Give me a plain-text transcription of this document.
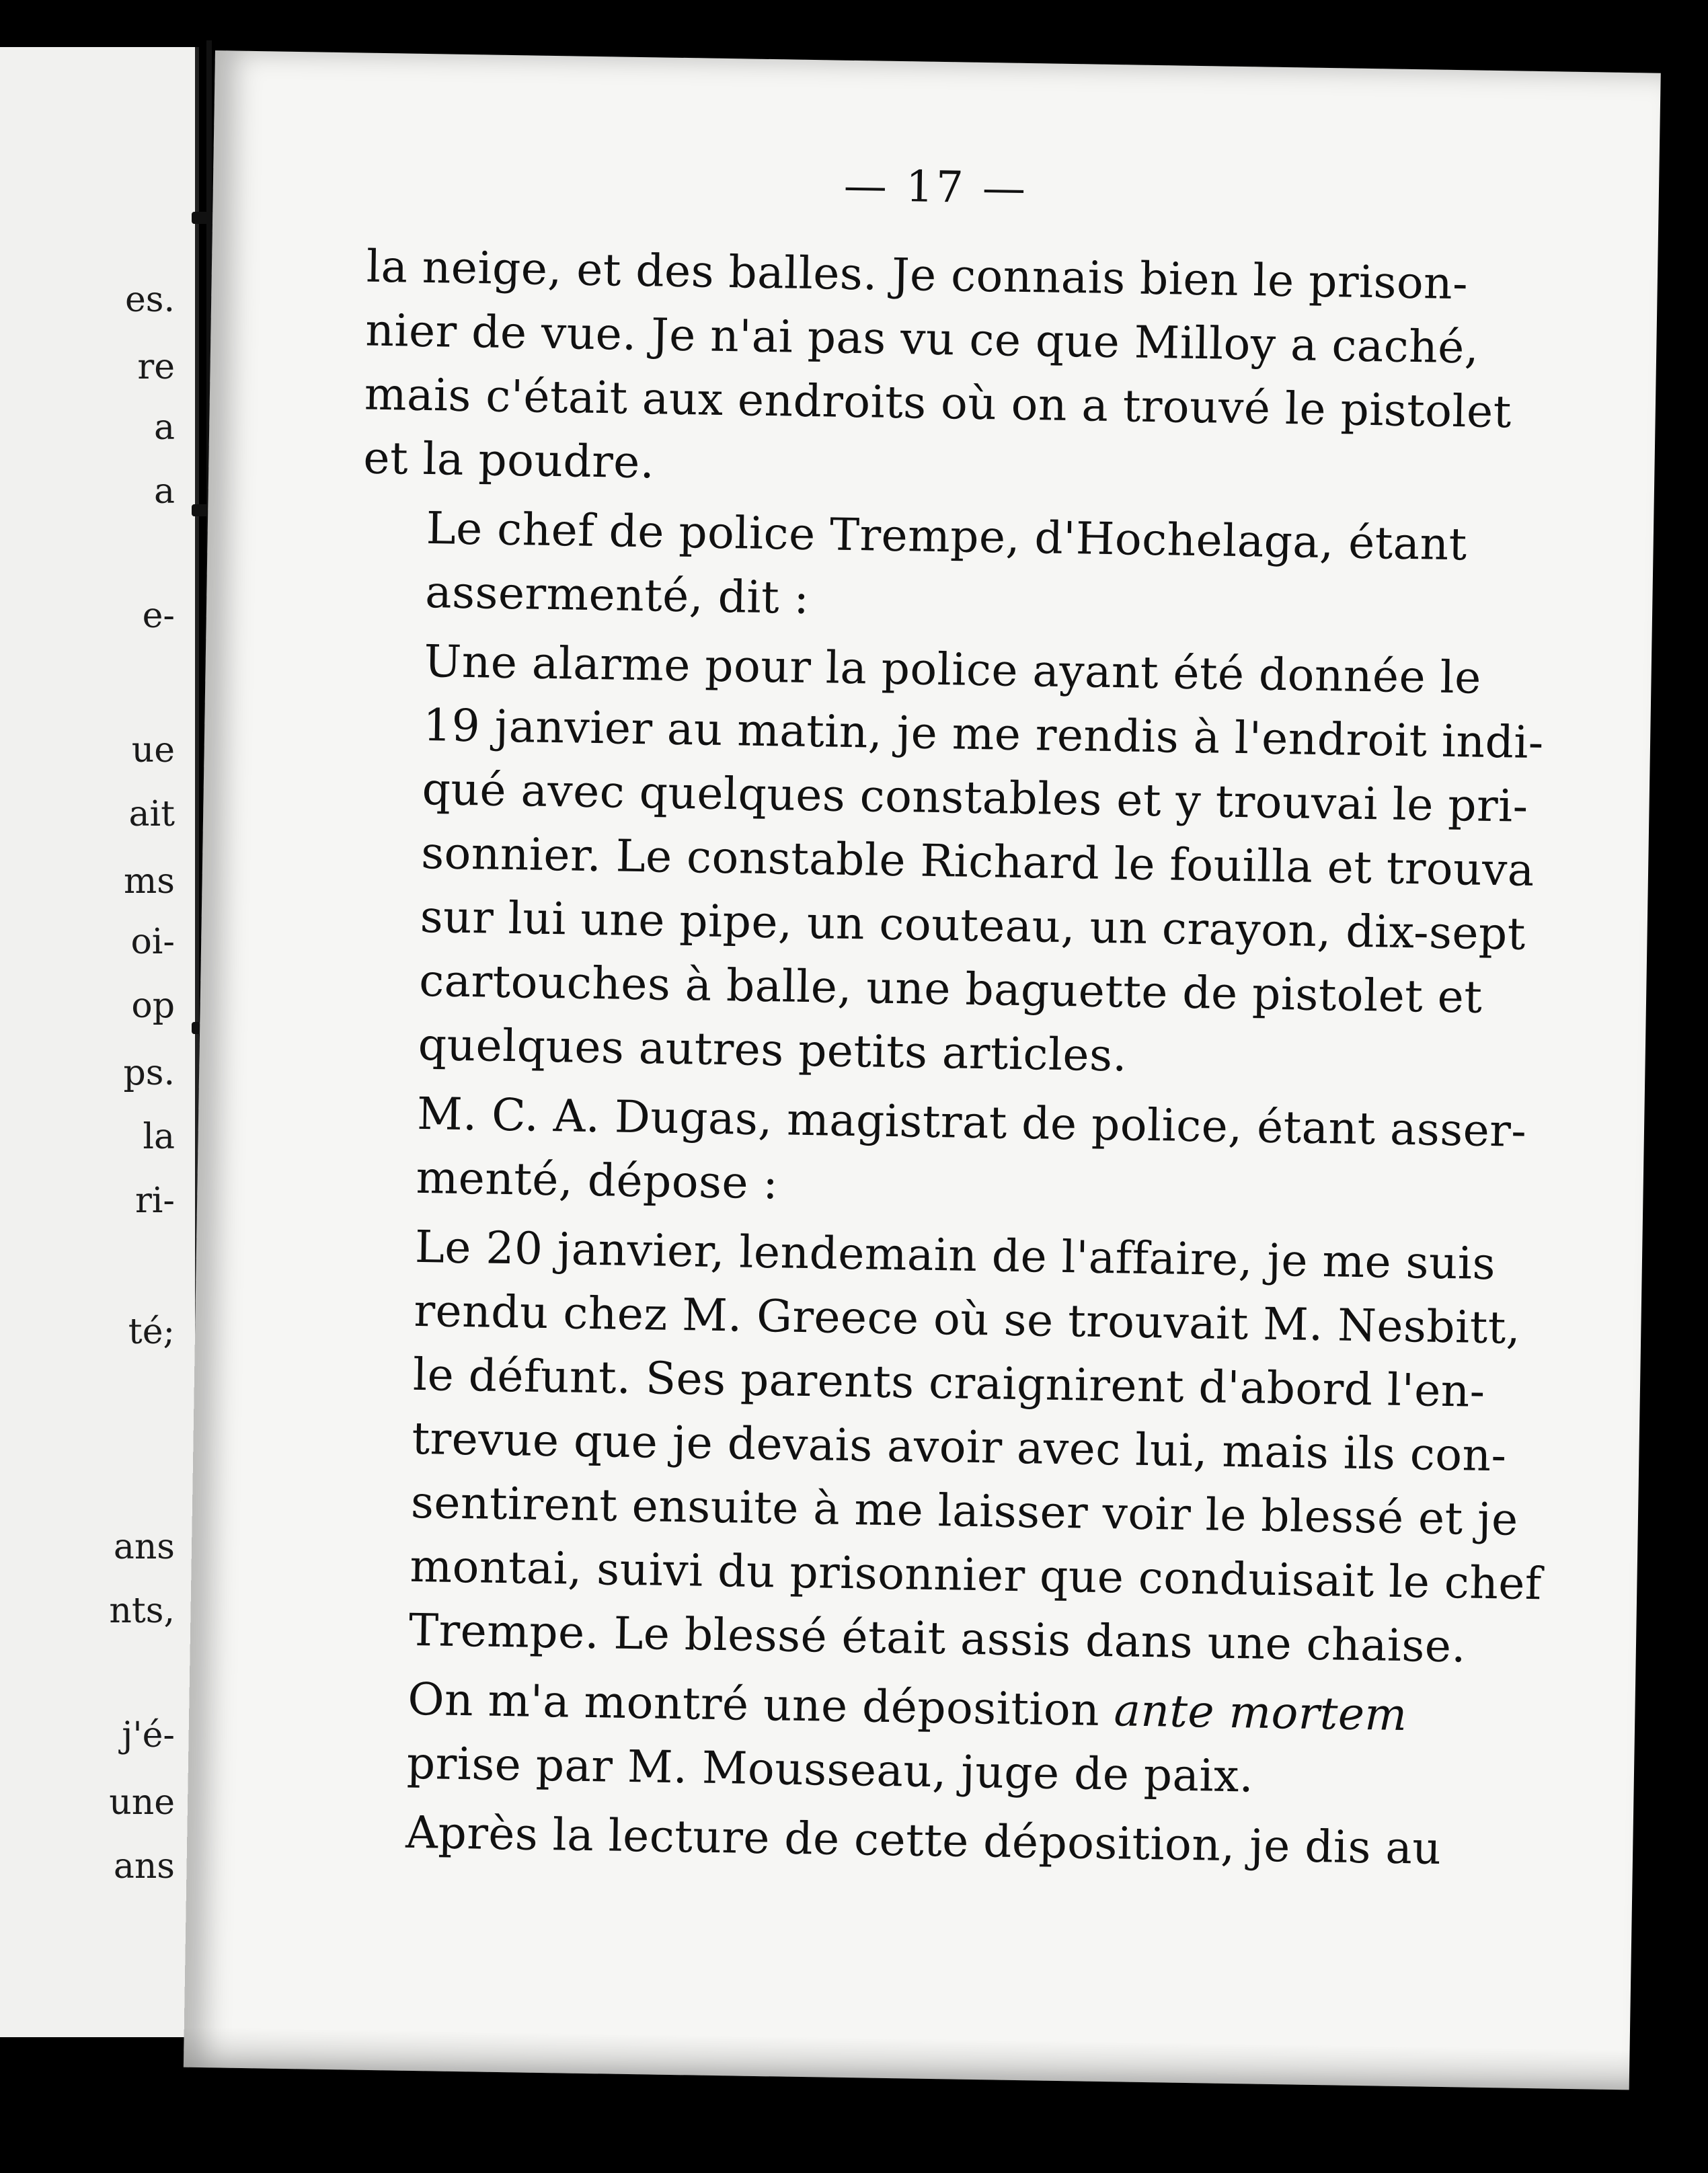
es.
re
a
a
e-
ue
ait
ms
oi-
op
ps.
la
ri-
té;
ans
nts,
j'é-
une
ans
— 17 —
la neige, et des balles. Je connais bien le prison-
nier de vue. Je n'ai pas vu ce que Milloy a caché,
mais c'était aux endroits où on a trouvé le pistolet
et la poudre.
Le chef de police Trempe, d'Hochelaga, étant
assermenté, dit :
Une alarme pour la police ayant été donnée le
19 janvier au matin, je me rendis à l'endroit indi-
qué avec quelques constables et y trouvai le pri-
sonnier. Le constable Richard le fouilla et trouva
sur lui une pipe, un couteau, un crayon, dix-sept
cartouches à balle, une baguette de pistolet et
quelques autres petits articles.
M. C. A. Dugas, magistrat de police, étant asser-
menté, dépose :
Le 20 janvier, lendemain de l'affaire, je me suis
rendu chez M. Greece où se trouvait M. Nesbitt,
le défunt. Ses parents craignirent d'abord l'en-
trevue que je devais avoir avec lui, mais ils con-
sentirent ensuite à me laisser voir le blessé et je
montai, suivi du prisonnier que conduisait le chef
Trempe. Le blessé était assis dans une chaise.
On m'a montré une déposition ante mortem
prise par M. Mousseau, juge de paix.
Après la lecture de cette déposition, je dis au
